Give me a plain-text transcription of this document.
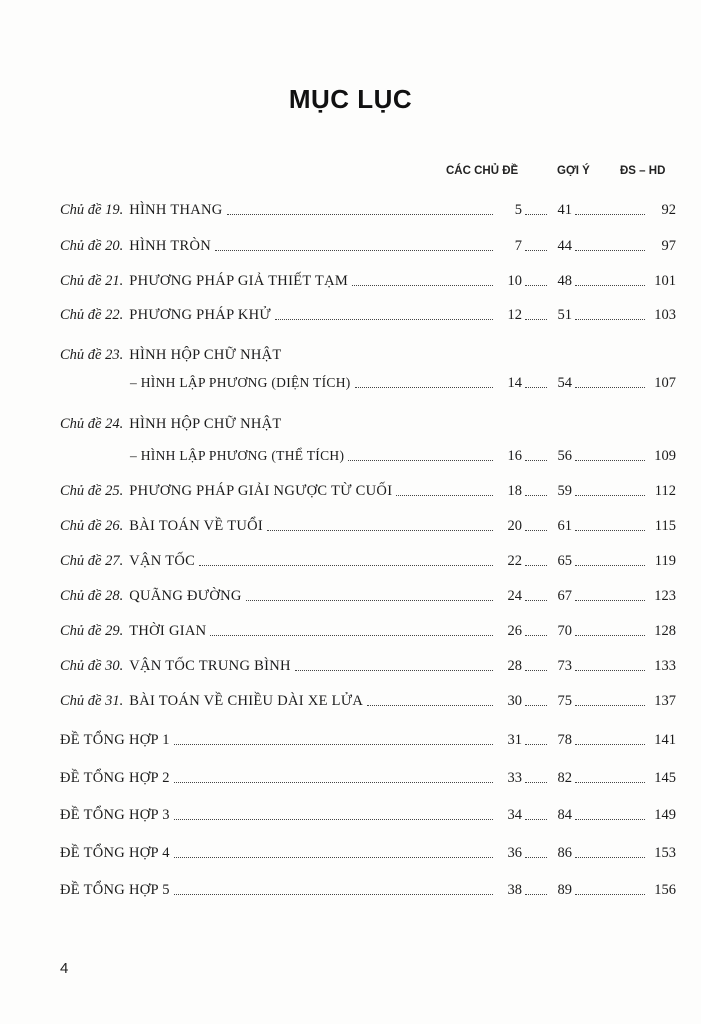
MỤC LỤC
CÁC CHỦ ĐỀ	GỢI Ý	ĐS – HD
Chủ đề 19. HÌNH THANG	5	41	92
Chủ đề 20. HÌNH TRÒN	7	44	97
Chủ đề 21. PHƯƠNG PHÁP GIẢ THIẾT TẠM	10	48	101
Chủ đề 22. PHƯƠNG PHÁP KHỬ	12	51	103
Chủ đề 23. HÌNH HỘP CHỮ NHẬT
– HÌNH LẬP PHƯƠNG (DIỆN TÍCH)	14	54	107
Chủ đề 24. HÌNH HỘP CHỮ NHẬT
– HÌNH LẬP PHƯƠNG (THỂ TÍCH)	16	56	109
Chủ đề 25. PHƯƠNG PHÁP GIẢI NGƯỢC TỪ CUỐI	18	59	112
Chủ đề 26. BÀI TOÁN VỀ TUỔI	20	61	115
Chủ đề 27. VẬN TỐC	22	65	119
Chủ đề 28. QUÃNG ĐƯỜNG	24	67	123
Chủ đề 29. THỜI GIAN	26	70	128
Chủ đề 30. VẬN TỐC TRUNG BÌNH	28	73	133
Chủ đề 31. BÀI TOÁN VỀ CHIỀU DÀI XE LỬA	30	75	137
ĐỀ TỔNG HỢP 1	31	78	141
ĐỀ TỔNG HỢP 2	33	82	145
ĐỀ TỔNG HỢP 3	34	84	149
ĐỀ TỔNG HỢP 4	36	86	153
ĐỀ TỔNG HỢP 5	38	89	156
4
